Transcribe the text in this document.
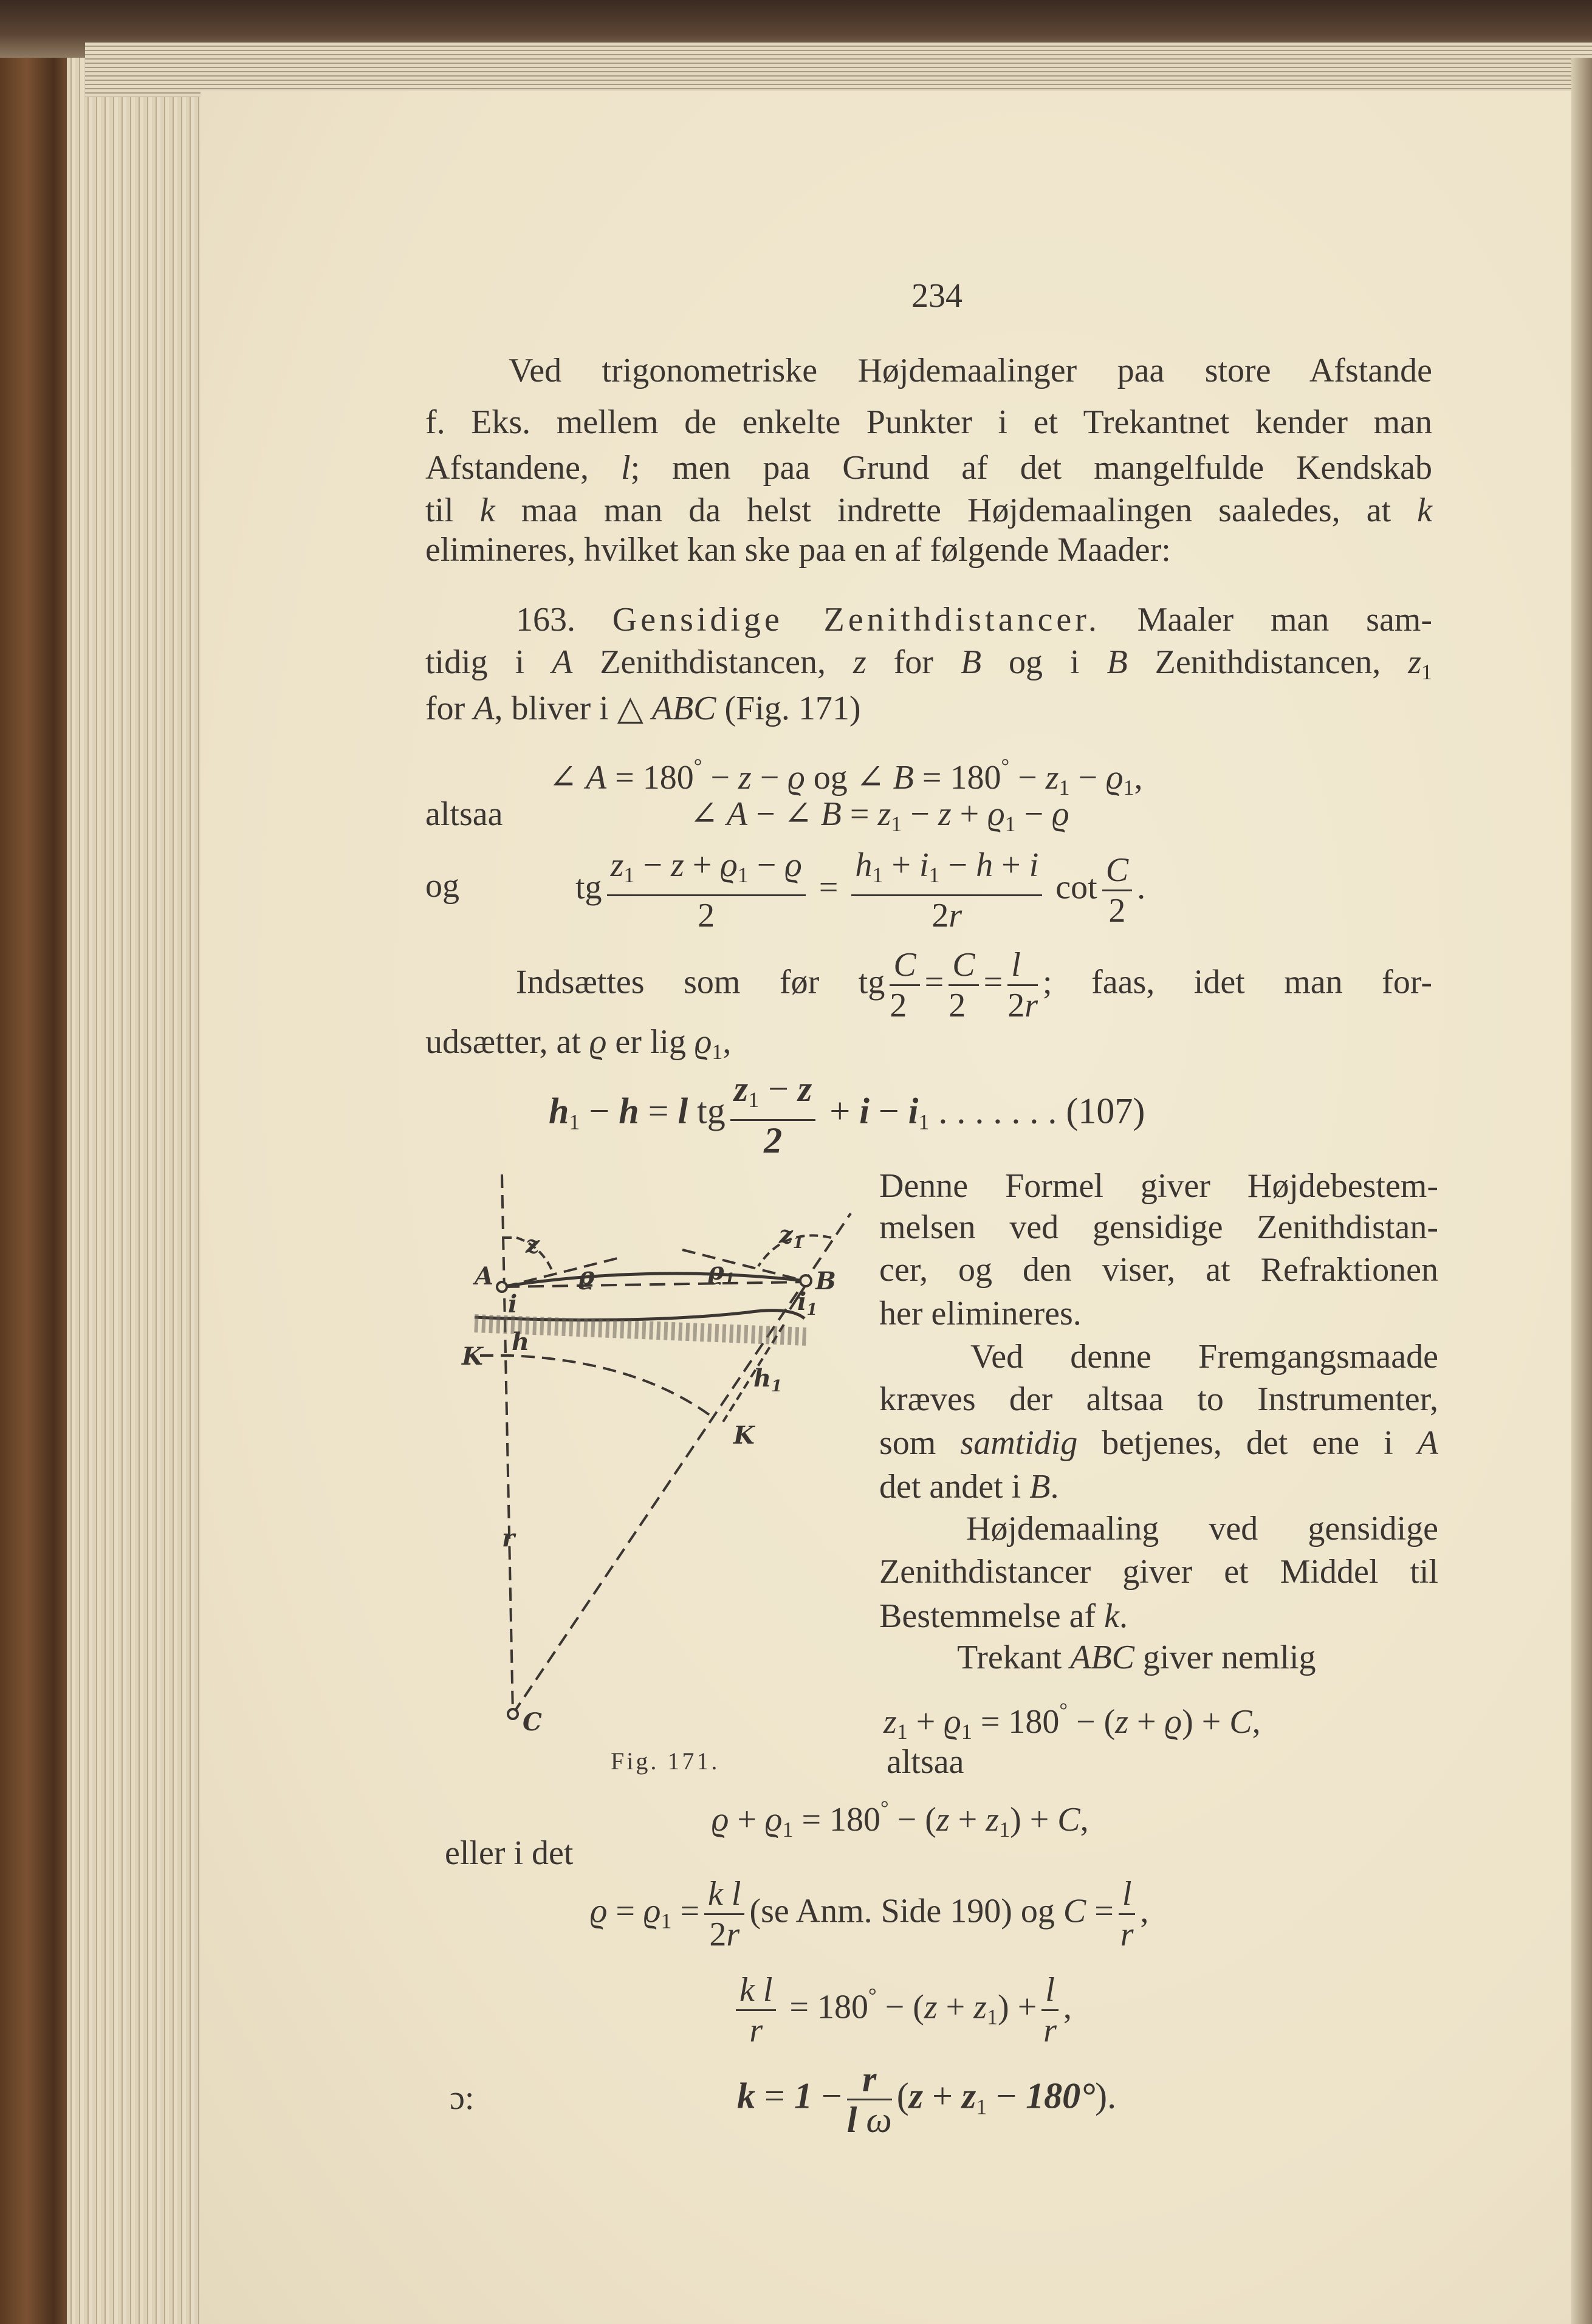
234
Ved trigonometriske Højdemaalinger paa store Afstande
f. Eks. mellem de enkelte Punkter i et Trekantnet kender man
Afstandene, l; men paa Grund af det mangelfulde Kendskab
til k maa man da helst indrette Højdemaalingen saaledes, at k
elimineres, hvilket kan ske paa en af følgende Maader:
163. Gensidige Zenithdistancer. Maaler man sam-
tidig i A Zenithdistancen, z for B og i B Zenithdistancen, $z_1$
for A, bliver i △ ABC (Fig. 171)
∠ A = 180° − z − ϱ og ∠ $B = 180^\circ - z_1 - ϱ_1$,
altsaa	∠ A − ∠ $B = z_1 - z + ϱ_1 - ϱ$
og	tg $\frac{z_1 - z + ϱ_1 - ϱ}{2} = \frac{h_1 + i_1 - h + i}{2r}$ $\cot \frac{C}{2}$ .
Indsættes som før tg $\frac{C}{2} = \frac{C}{2} = \frac{l}{2r}$ ; faas, idet man for-
udsætter, at ϱ er lig $ϱ_1$,
$h_1 - h = l$ tg $\frac{z_1 - z}{2} + i - i_1$ . . . . . . . (107)
A	B
C
K
K
z	$z_1$
ϱ	$ϱ_1$
i
h
$i_1$
$h_1$
r
Fig. 171.
Denne Formel giver Højdebestem-
melsen ved gensidige Zenithdistan-
cer, og den viser, at Refraktionen
her elimineres.
Ved denne Fremgangsmaade
kræves der altsaa to Instrumenter,
som samtidig betjenes, det ene i A
det andet i B.
Højdemaaling ved gensidige
Zenithdistancer giver et Middel til
Bestemmelse af k.
Trekant ABC giver nemlig
$z_1 + ϱ_1 = 180^\circ - (z + ϱ) + C$,
altsaa
$ϱ + ϱ_1 = 180^\circ - (z + z_1) + C$,
eller i det
$ϱ = ϱ_1 = \frac{\text{k l}}{2r} (se$ Anm. Side 190) og $C = \frac{l}{r}$ ,
$\frac{\text{k l}}{r} = 180^\circ - (z + z_1) + \frac{l}{r}$ ,
ɔ:	$k = 1 - \frac{r}{\text{l ω}} (z + z_1 - 180^\circ)$.
